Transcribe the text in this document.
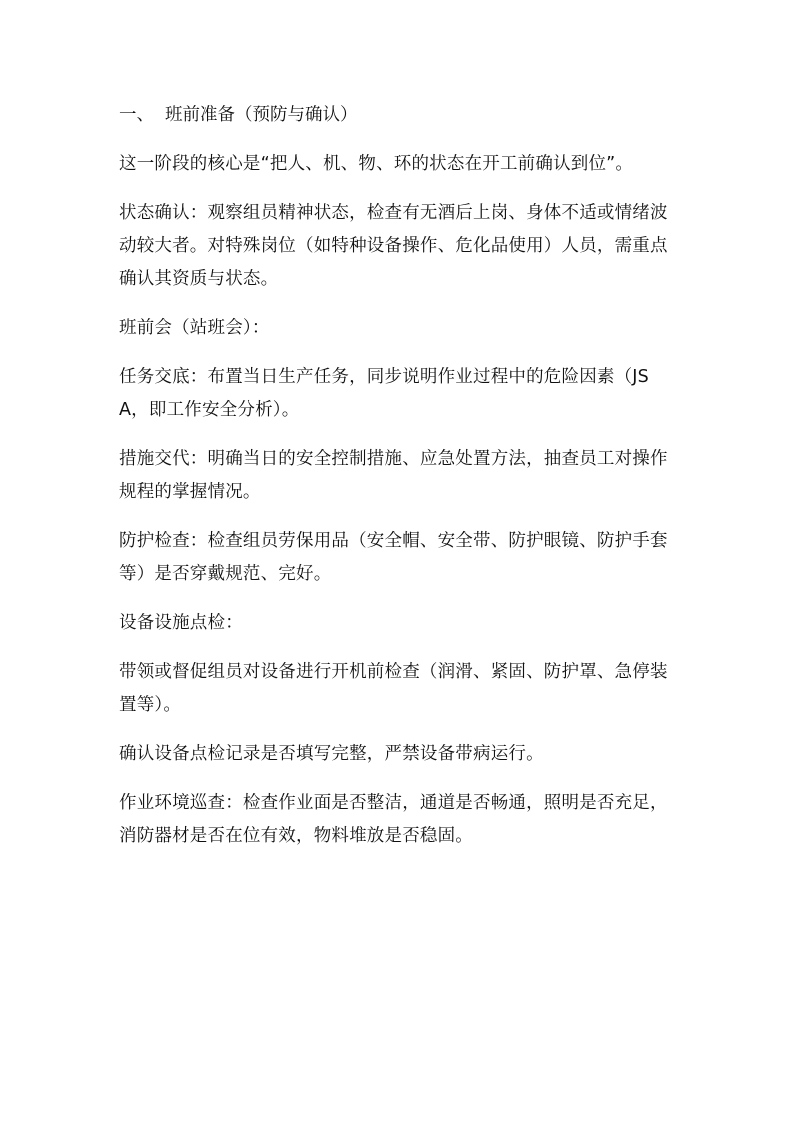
一、 班前准备（预防与确认）

这一阶段的核心是“把人、机、物、环的状态在开工前确认到位”。

状态确认：观察组员精神状态，检查有无酒后上岗、身体不适或情绪波动较大者。对特殊岗位（如特种设备操作、危化品使用）人员，需重点确认其资质与状态。

班前会（站班会）：

任务交底：布置当日生产任务，同步说明作业过程中的危险因素（JSA，即工作安全分析）。

措施交代：明确当日的安全控制措施、应急处置方法，抽查员工对操作规程的掌握情况。

防护检查：检查组员劳保用品（安全帽、安全带、防护眼镜、防护手套等）是否穿戴规范、完好。

设备设施点检：

带领或督促组员对设备进行开机前检查（润滑、紧固、防护罩、急停装置等）。

确认设备点检记录是否填写完整，严禁设备带病运行。

作业环境巡查：检查作业面是否整洁，通道是否畅通，照明是否充足，消防器材是否在位有效，物料堆放是否稳固。
